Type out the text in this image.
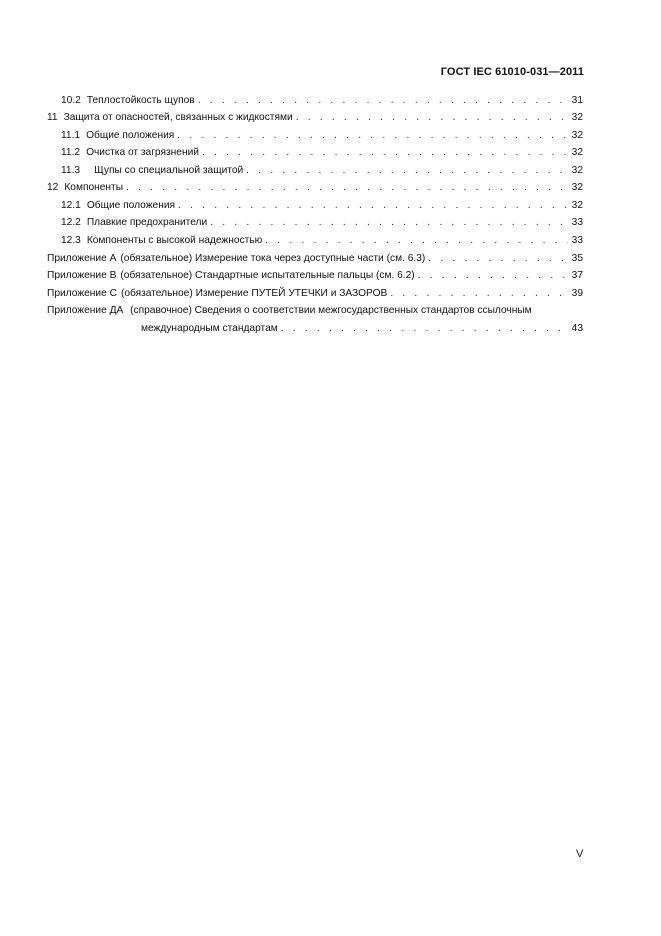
ГОСТ IEC 61010-031—2011
10.2 Теплостойкость щупов . . .	31
11 Защита от опасностей, связанных с жидкостями . . .	32
11.1 Общие положения . . .	32
11.2 Очистка от загрязнений . . .	32
11.3 Щупы со специальной защитой . . .	32
12 Компоненты . . .	32
12.1 Общие положения . . .	32
12.2 Плавкие предохранители . . .	33
12.3 Компоненты с высокой надежностью . . .	33
Приложение А (обязательное) Измерение тока через доступные части (см. 6.3) . . .	35
Приложение В (обязательное) Стандартные испытательные пальцы (см. 6.2) . . .	37
Приложение С (обязательное) Измерение ПУТЕЙ УТЕЧКИ и ЗАЗОРОВ . . .	39
Приложение ДА (справочное) Сведения о соответствии межгосударственных стандартов ссылочным
международным стандартам . . .	43
V
